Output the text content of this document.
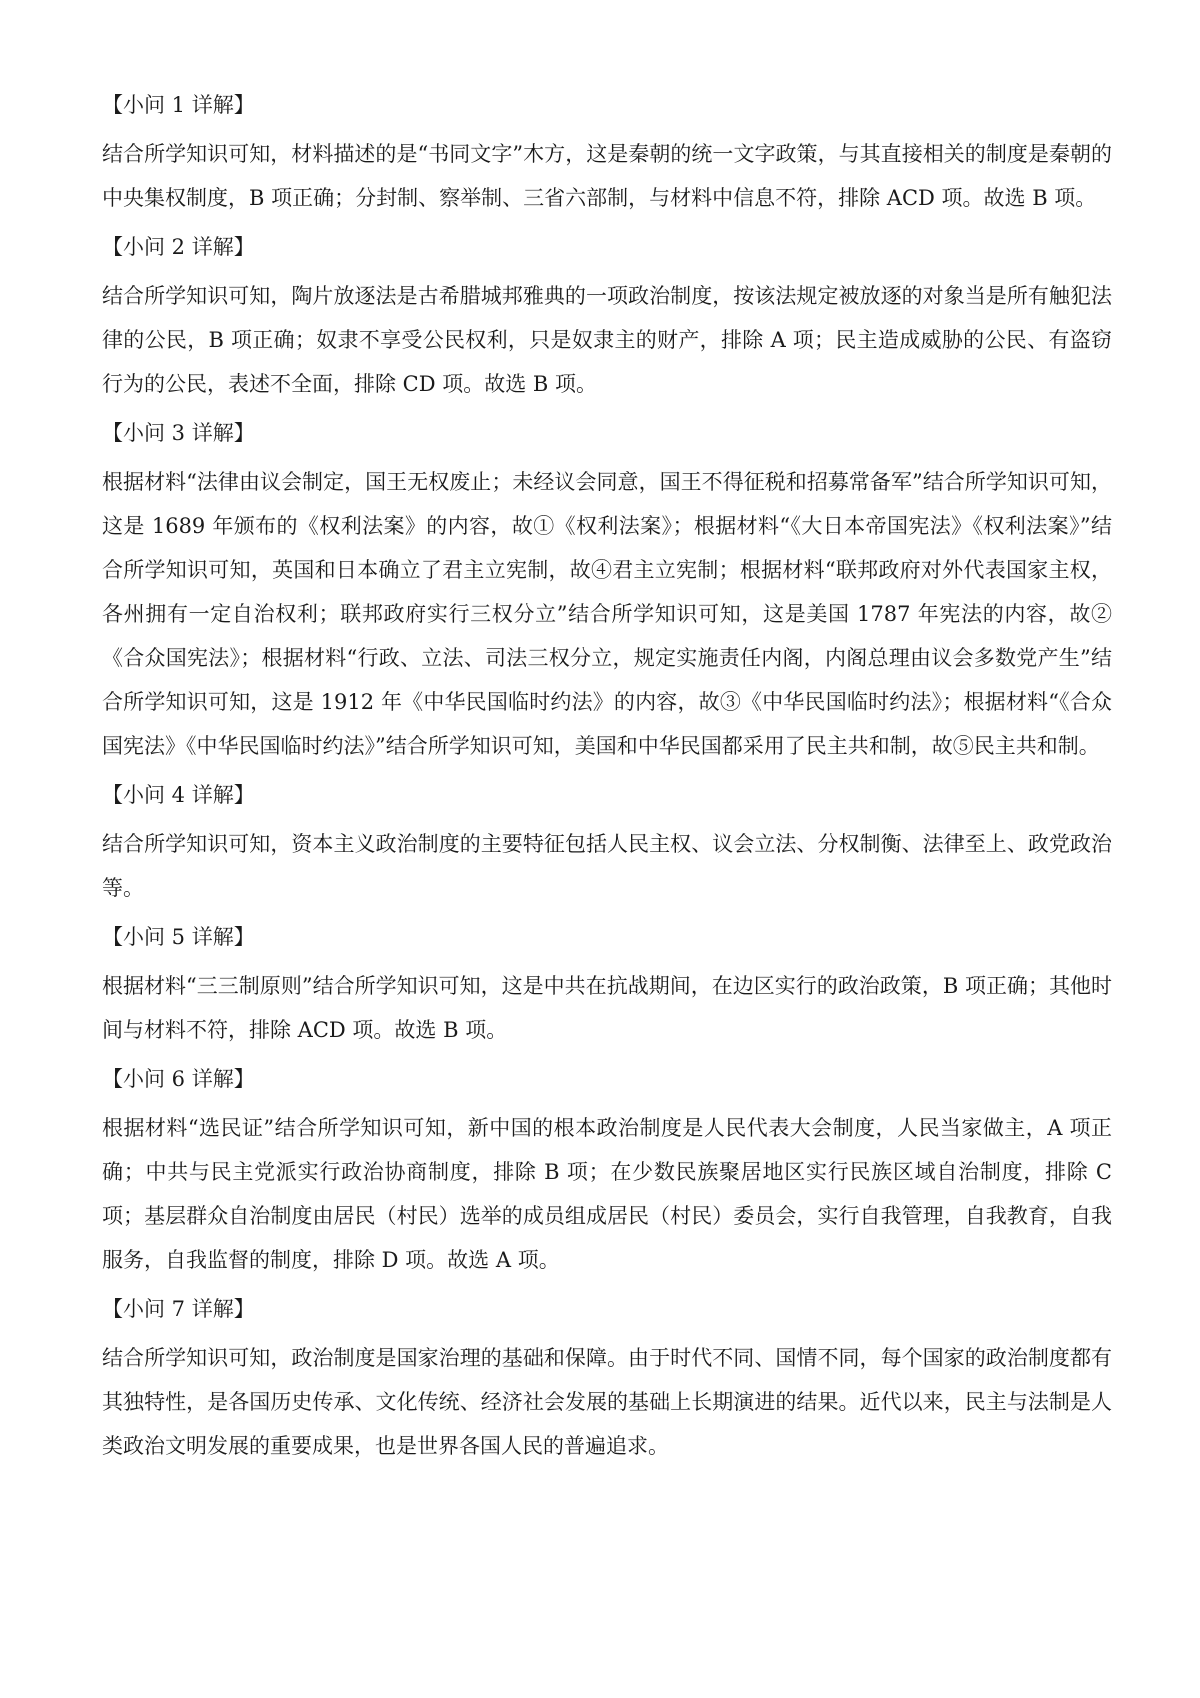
【小问 1 详解】
结合所学知识可知，材料描述的是“书同文字”木方，这是秦朝的统一文字政策，与其直接相关的制度是秦朝的中央集权制度，B 项正确；分封制、察举制、三省六部制，与材料中信息不符，排除 ACD 项。故选 B 项。
【小问 2 详解】
结合所学知识可知，陶片放逐法是古希腊城邦雅典的一项政治制度，按该法规定被放逐的对象当是所有触犯法律的公民，B 项正确；奴隶不享受公民权利，只是奴隶主的财产，排除 A 项；民主造成威胁的公民、有盗窃行为的公民，表述不全面，排除 CD 项。故选 B 项。
【小问 3 详解】
根据材料“法律由议会制定，国王无权废止；未经议会同意，国王不得征税和招募常备军”结合所学知识可知，这是 1689 年颁布的《权利法案》的内容，故①《权利法案》；根据材料“《大日本帝国宪法》《权利法案》”结合所学知识可知，英国和日本确立了君主立宪制，故④君主立宪制；根据材料“联邦政府对外代表国家主权，各州拥有一定自治权利；联邦政府实行三权分立”结合所学知识可知，这是美国 1787 年宪法的内容，故②《合众国宪法》；根据材料“行政、立法、司法三权分立，规定实施责任内阁，内阁总理由议会多数党产生”结合所学知识可知，这是 1912 年《中华民国临时约法》的内容，故③《中华民国临时约法》；根据材料“《合众国宪法》《中华民国临时约法》”结合所学知识可知，美国和中华民国都采用了民主共和制，故⑤民主共和制。
【小问 4 详解】
结合所学知识可知，资本主义政治制度的主要特征包括人民主权、议会立法、分权制衡、法律至上、政党政治等。
【小问 5 详解】
根据材料“三三制原则”结合所学知识可知，这是中共在抗战期间，在边区实行的政治政策，B 项正确；其他时间与材料不符，排除 ACD 项。故选 B 项。
【小问 6 详解】
根据材料“选民证”结合所学知识可知，新中国的根本政治制度是人民代表大会制度，人民当家做主，A 项正确；中共与民主党派实行政治协商制度，排除 B 项；在少数民族聚居地区实行民族区域自治制度，排除 C 项；基层群众自治制度由居民（村民）选举的成员组成居民（村民）委员会，实行自我管理，自我教育，自我服务，自我监督的制度，排除 D 项。故选 A 项。
【小问 7 详解】
结合所学知识可知，政治制度是国家治理的基础和保障。由于时代不同、国情不同，每个国家的政治制度都有其独特性，是各国历史传承、文化传统、经济社会发展的基础上长期演进的结果。近代以来，民主与法制是人类政治文明发展的重要成果，也是世界各国人民的普遍追求。
